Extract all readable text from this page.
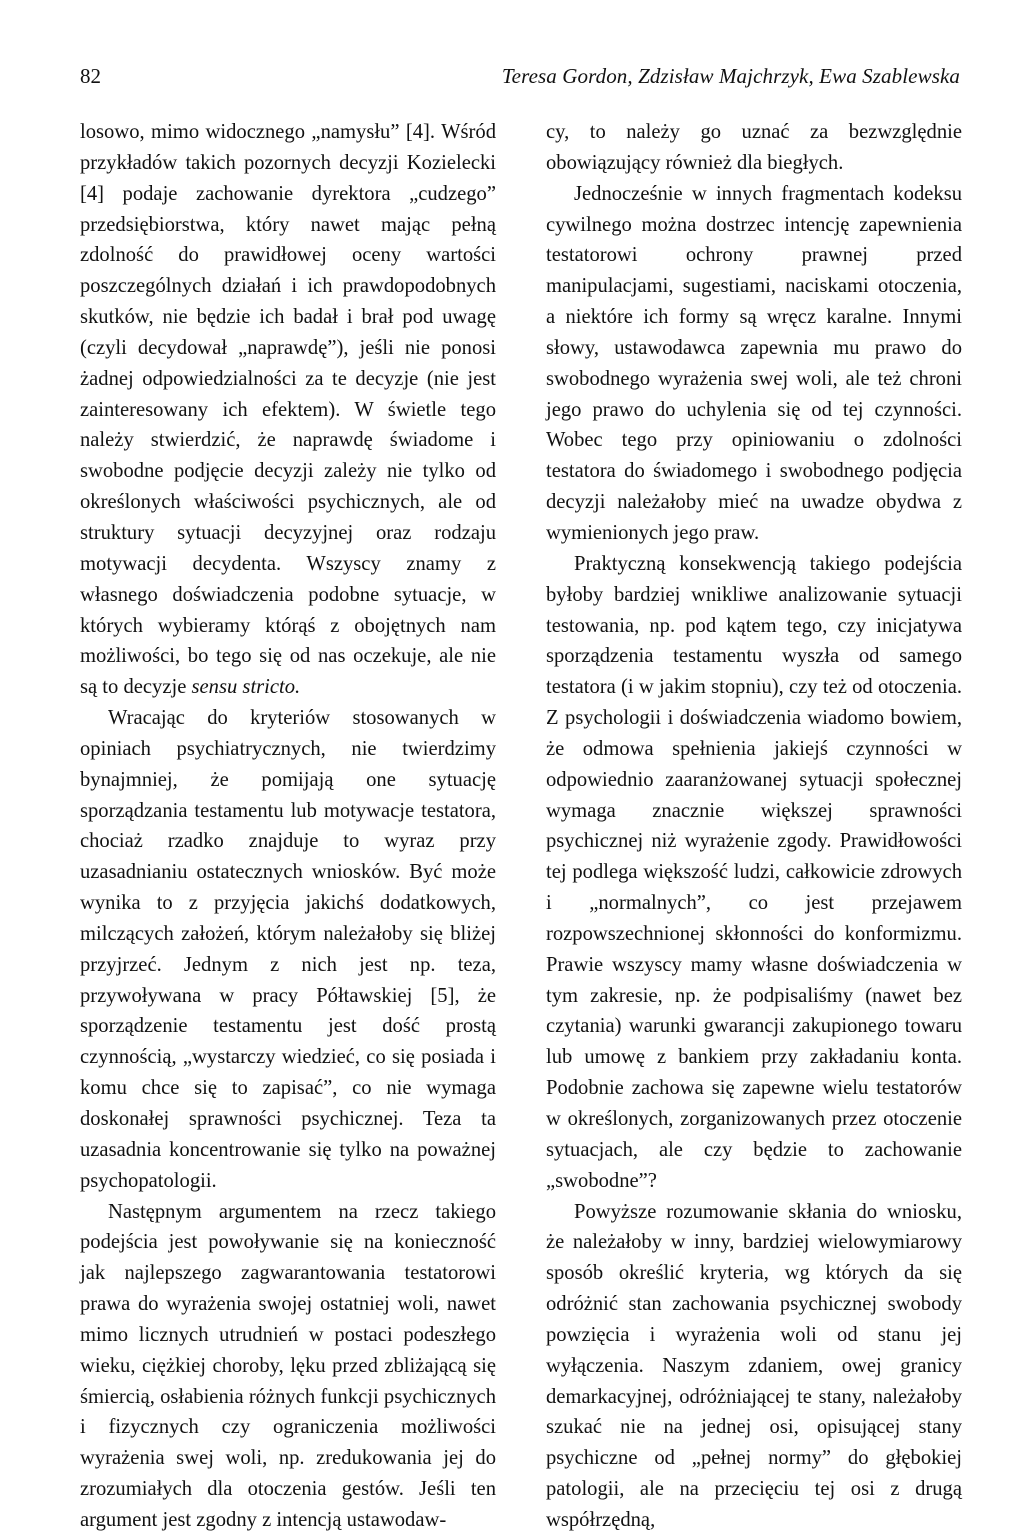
82	Teresa Gordon, Zdzisław Majchrzyk, Ewa Szablewska

losowo, mimo widocznego „namysłu” [4]. Wśród przykładów takich pozornych decyzji Kozielecki [4] podaje zachowanie dyrektora „cudzego” przedsiębiorstwa, który nawet mając pełną zdolność do prawidłowej oceny wartości poszczególnych działań i ich prawdopodobnych skutków, nie będzie ich badał i brał pod uwagę (czyli decydował „naprawdę”), jeśli nie ponosi żadnej odpowiedzialności za te decyzje (nie jest zainteresowany ich efektem). W świetle tego należy stwierdzić, że naprawdę świadome i swobodne podjęcie decyzji zależy nie tylko od określonych właściwości psychicznych, ale od struktury sytuacji decyzyjnej oraz rodzaju motywacji decydenta. Wszyscy znamy z własnego doświadczenia podobne sytuacje, w których wybieramy którąś z obojętnych nam możliwości, bo tego się od nas oczekuje, ale nie są to decyzje sensu stricto.

Wracając do kryteriów stosowanych w opiniach psychiatrycznych, nie twierdzimy bynajmniej, że pomijają one sytuację sporządzania testamentu lub motywacje testatora, chociaż rzadko znajduje to wyraz przy uzasadnianiu ostatecznych wniosków. Być może wynika to z przyjęcia jakichś dodatkowych, milczących założeń, którym należałoby się bliżej przyjrzeć. Jednym z nich jest np. teza, przywoływana w pracy Półtawskiej [5], że sporządzenie testamentu jest dość prostą czynnością, „wystarczy wiedzieć, co się posiada i komu chce się to zapisać”, co nie wymaga doskonałej sprawności psychicznej. Teza ta uzasadnia koncentrowanie się tylko na poważnej psychopatologii.

Następnym argumentem na rzecz takiego podejścia jest powoływanie się na konieczność jak najlepszego zagwarantowania testatorowi prawa do wyrażenia swojej ostatniej woli, nawet mimo licznych utrudnień w postaci podeszłego wieku, ciężkiej choroby, lęku przed zbliżającą się śmiercią, osłabienia różnych funkcji psychicznych i fizycznych czy ograniczenia możliwości wyrażenia swej woli, np. zredukowania jej do zrozumiałych dla otoczenia gestów. Jeśli ten argument jest zgodny z intencją ustawodaw-

cy, to należy go uznać za bezwzględnie obowiązujący również dla biegłych.

Jednocześnie w innych fragmentach kodeksu cywilnego można dostrzec intencję zapewnienia testatorowi ochrony prawnej przed manipulacjami, sugestiami, naciskami otoczenia, a niektóre ich formy są wręcz karalne. Innymi słowy, ustawodawca zapewnia mu prawo do swobodnego wyrażenia swej woli, ale też chroni jego prawo do uchylenia się od tej czynności. Wobec tego przy opiniowaniu o zdolności testatora do świadomego i swobodnego podjęcia decyzji należałoby mieć na uwadze obydwa z wymienionych jego praw.

Praktyczną konsekwencją takiego podejścia byłoby bardziej wnikliwe analizowanie sytuacji testowania, np. pod kątem tego, czy inicjatywa sporządzenia testamentu wyszła od samego testatora (i w jakim stopniu), czy też od otoczenia. Z psychologii i doświadczenia wiadomo bowiem, że odmowa spełnienia jakiejś czynności w odpowiednio zaaranżowanej sytuacji społecznej wymaga znacznie większej sprawności psychicznej niż wyrażenie zgody. Prawidłowości tej podlega większość ludzi, całkowicie zdrowych i „normalnych”, co jest przejawem rozpowszechnionej skłonności do konformizmu. Prawie wszyscy mamy własne doświadczenia w tym zakresie, np. że podpisaliśmy (nawet bez czytania) warunki gwarancji zakupionego towaru lub umowę z bankiem przy zakładaniu konta. Podobnie zachowa się zapewne wielu testatorów w określonych, zorganizowanych przez otoczenie sytuacjach, ale czy będzie to zachowanie „swobodne”?

Powyższe rozumowanie skłania do wniosku, że należałoby w inny, bardziej wielowymiarowy sposób określić kryteria, wg których da się odróżnić stan zachowania psychicznej swobody powzięcia i wyrażenia woli od stanu jej wyłączenia. Naszym zdaniem, owej granicy demarkacyjnej, odróżniającej te stany, należałoby szukać nie na jednej osi, opisującej stany psychiczne od „pełnej normy” do głębokiej patologii, ale na przecięciu tej osi z drugą współrzędną,
